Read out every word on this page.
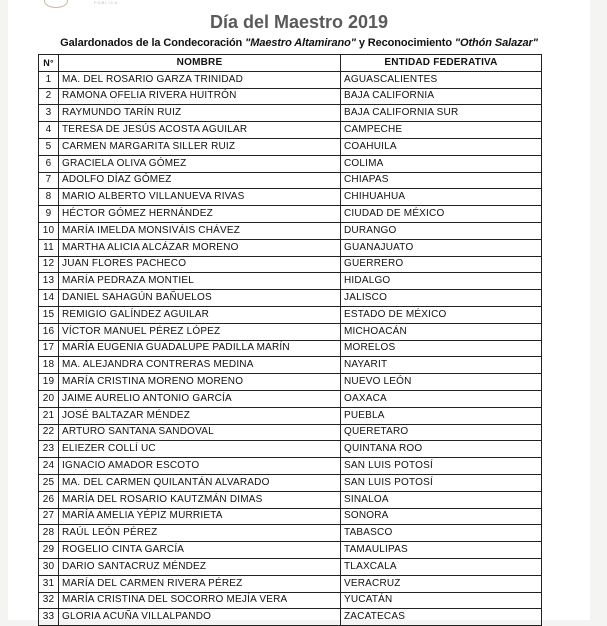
PÚBLICA
Día del Maestro 2019
Galardonados de la Condecoración "Maestro Altamirano" y Reconocimiento "Othón Salazar"
N°	NOMBRE	ENTIDAD FEDERATIVA
1	MA. DEL ROSARIO GARZA TRINIDAD	AGUASCALIENTES
2	RAMONA OFELIA RIVERA HUITRÓN	BAJA CALIFORNIA
3	RAYMUNDO TARÍN RUIZ	BAJA CALIFORNIA SUR
4	TERESA DE JESÚS ACOSTA AGUILAR	CAMPECHE
5	CARMEN MARGARITA SILLER RUIZ	COAHUILA
6	GRACIELA OLIVA GÓMEZ	COLIMA
7	ADOLFO DÍAZ GÓMEZ	CHIAPAS
8	MARIO ALBERTO VILLANUEVA RIVAS	CHIHUAHUA
9	HÉCTOR GÓMEZ HERNÁNDEZ	CIUDAD DE MÉXICO
10	MARÍA IMELDA MONSIVÁIS CHÁVEZ	DURANGO
11	MARTHA ALICIA ALCÁZAR MORENO	GUANAJUATO
12	JUAN FLORES PACHECO	GUERRERO
13	MARÍA PEDRAZA MONTIEL	HIDALGO
14	DANIEL SAHAGÚN BAÑUELOS	JALISCO
15	REMIGIO GALÍNDEZ AGUILAR	ESTADO DE MÉXICO
16	VÍCTOR MANUEL PÉREZ LÓPEZ	MICHOACÁN
17	MARÍA EUGENIA GUADALUPE PADILLA MARÍN	MORELOS
18	MA. ALEJANDRA CONTRERAS MEDINA	NAYARIT
19	MARÍA CRISTINA MORENO MORENO	NUEVO LEÓN
20	JAIME AURELIO ANTONIO GARCÍA	OAXACA
21	JOSÉ BALTAZAR MÉNDEZ	PUEBLA
22	ARTURO SANTANA SANDOVAL	QUERETARO
23	ELIEZER COLLÍ UC	QUINTANA ROO
24	IGNACIO AMADOR ESCOTO	SAN LUIS POTOSÍ
25	MA. DEL CARMEN QUILANTÁN ALVARADO	SAN LUIS POTOSÍ
26	MARÍA DEL ROSARIO KAUTZMÁN DIMAS	SINALOA
27	MARÍA AMELIA YÉPIZ MURRIETA	SONORA
28	RAÚL LEÓN PÉREZ	TABASCO
29	ROGELIO CINTA GARCÍA	TAMAULIPAS
30	DARIO SANTACRUZ MÉNDEZ	TLAXCALA
31	MARÍA DEL CARMEN RIVERA PÉREZ	VERACRUZ
32	MARÍA CRISTINA DEL SOCORRO MEJÍA VERA	YUCATÁN
33	GLORIA ACUÑA VILLALPANDO	ZACATECAS
